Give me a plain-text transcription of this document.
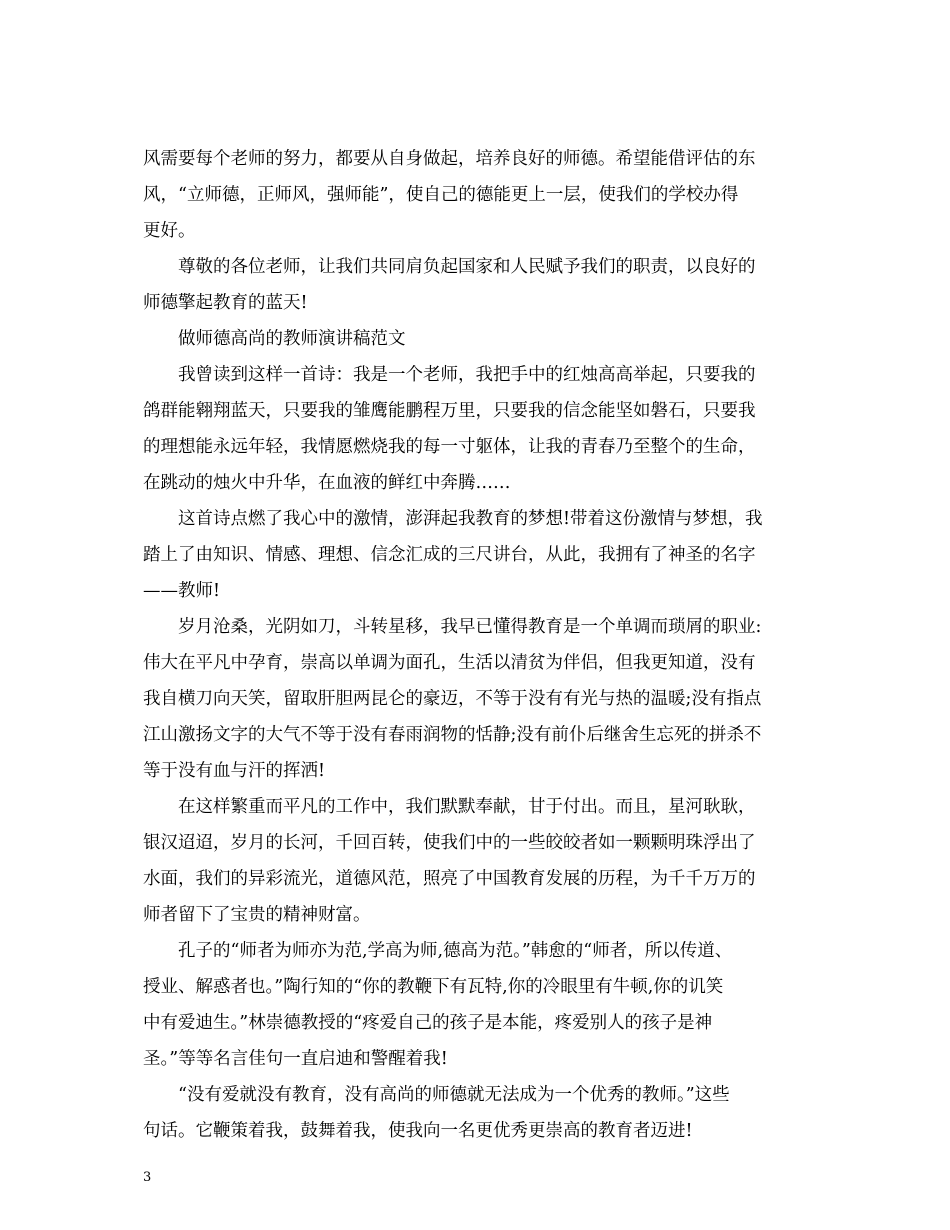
风需要每个老师的努力，都要从自身做起，培养良好的师德。希望能借评估的东
风，“立师德，正师风，强师能”，使自己的德能更上一层，使我们的学校办得
更好。
尊敬的各位老师，让我们共同肩负起国家和人民赋予我们的职责，以良好的
师德擎起教育的蓝天!
做师德高尚的教师演讲稿范文
我曾读到这样一首诗：我是一个老师，我把手中的红烛高高举起，只要我的
鸽群能翱翔蓝天，只要我的雏鹰能鹏程万里，只要我的信念能坚如磐石，只要我
的理想能永远年轻，我情愿燃烧我的每一寸躯体，让我的青春乃至整个的生命，
在跳动的烛火中升华，在血液的鲜红中奔腾……
这首诗点燃了我心中的激情，澎湃起我教育的梦想!带着这份激情与梦想，我
踏上了由知识、情感、理想、信念汇成的三尺讲台，从此，我拥有了神圣的名字
——教师!
岁月沧桑，光阴如刀，斗转星移，我早已懂得教育是一个单调而琐屑的职业:
伟大在平凡中孕育，崇高以单调为面孔，生活以清贫为伴侣，但我更知道，没有
我自横刀向天笑，留取肝胆两昆仑的豪迈，不等于没有有光与热的温暖;没有指点
江山激扬文字的大气不等于没有春雨润物的恬静;没有前仆后继舍生忘死的拼杀不
等于没有血与汗的挥洒!
在这样繁重而平凡的工作中，我们默默奉献，甘于付出。而且，星河耿耿，
银汉迢迢，岁月的长河，千回百转，使我们中的一些皎皎者如一颗颗明珠浮出了
水面，我们的异彩流光，道德风范，照亮了中国教育发展的历程，为千千万万的
师者留下了宝贵的精神财富。
孔子的“师者为师亦为范,学高为师,德高为范。”韩愈的“师者，所以传道、
授业、解惑者也。”陶行知的“你的教鞭下有瓦特,你的冷眼里有牛顿,你的讥笑
中有爱迪生。”林崇德教授的“疼爱自己的孩子是本能，疼爱别人的孩子是神
圣。”等等名言佳句一直启迪和警醒着我!
“没有爱就没有教育，没有高尚的师德就无法成为一个优秀的教师。”这些
句话。它鞭策着我，鼓舞着我，使我向一名更优秀更崇高的教育者迈进!
3
